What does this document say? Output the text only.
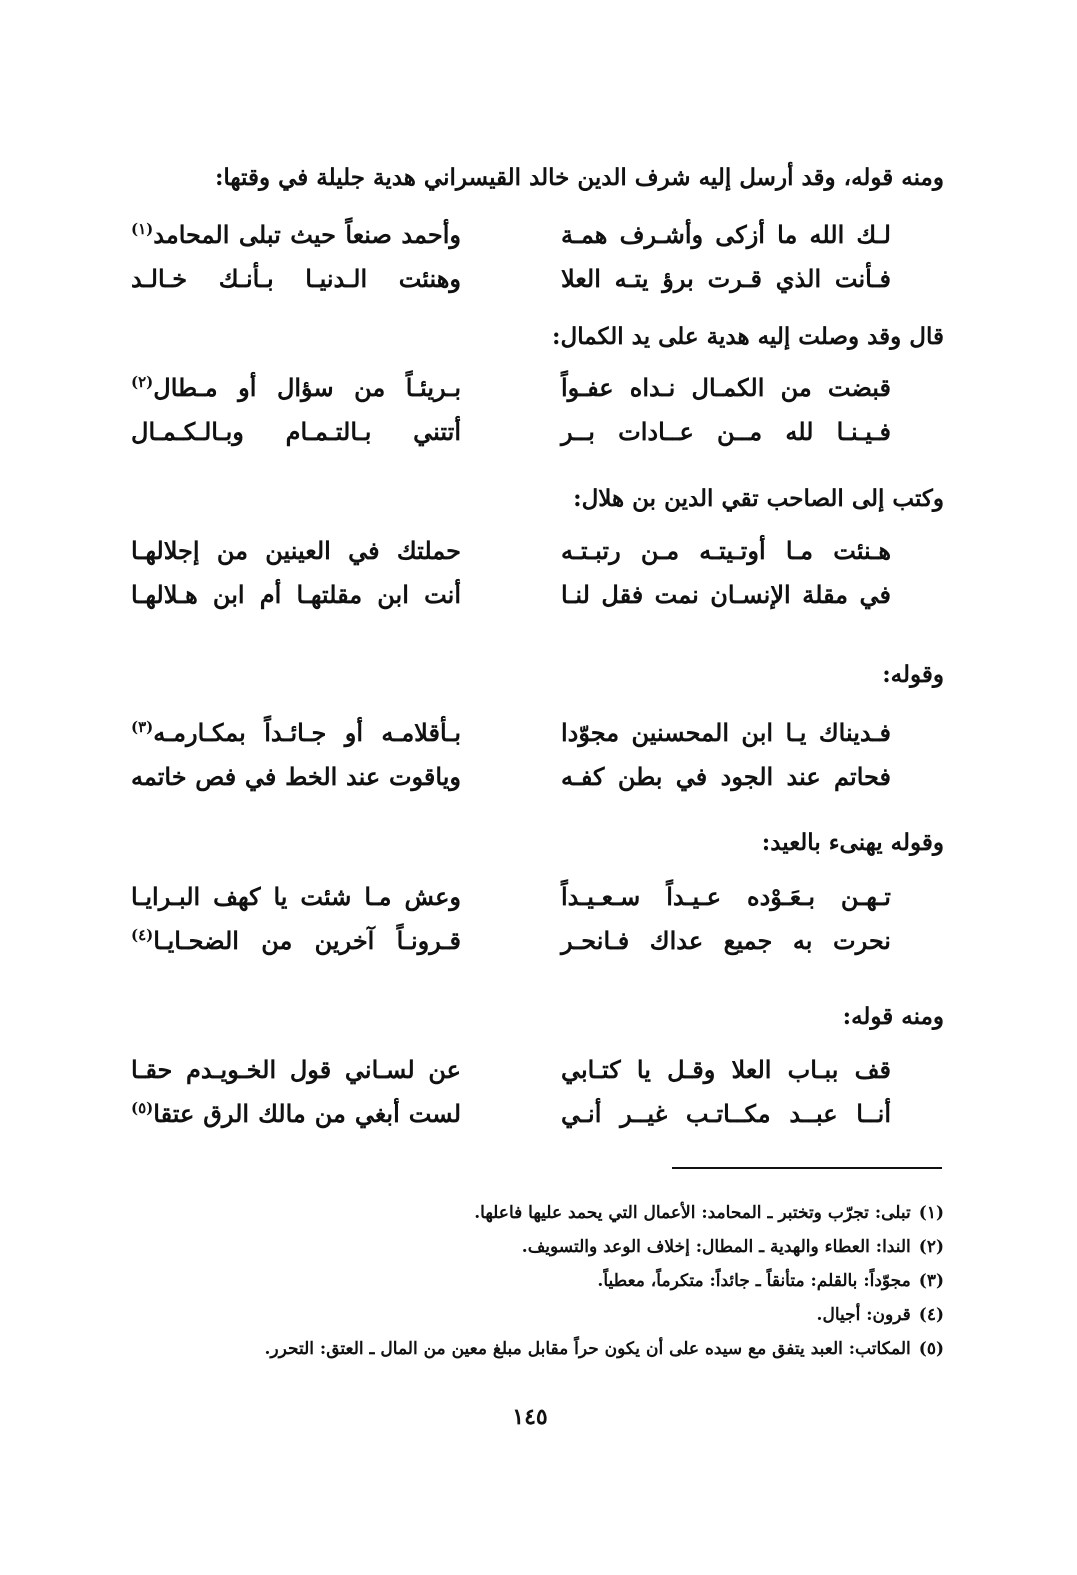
ومنه قوله، وقد أرسل إليه شرف الدين خالد القيسراني هدية جليلة في وقتها:
لـك الله ما أزكى وأشـرف همـة
وأحمد صنعاً حيث تبلى المحامد$^{(١)}$
فـأنت الذي قـرت برؤ يتـه العلا
وهنئت الـدنيـا بـأنـك خـالـد
قال وقد وصلت إليه هدية على يد الكمال:
قبضت من الكمـال نـداه عفـواً
بـريئـاً من سؤال أو مـطال$^{(٢)}$
فـيـنـا لله مــن عــادات بــر
أتتني بـالتـمـام وبـالـكـمـال
وكتب إلى الصاحب تقي الدين بن هلال:
هـنئت مـا أوتـيتـه مـن رتبـتـه
حملتك في العينين من إجلالهـا
في مقلة الإنسـان نمت فقل لنـا
أنت ابن مقلتهـا أم ابن هـلالهـا
وقوله:
فـديناك يـا ابن المحسنين مجوّدا
بـأقلامـه أو جـائـداً بمكـارمـه$^{(٣)}$
فحاتم عند الجود في بطن كفـه
وياقوت عند الخط في فص خاتمه
وقوله يهنىء بالعيد:
تـهـن بـعَـوْده عـيـداً سـعـيـداً
وعش مـا شئت يا كهف البـرايـا
نحرت به جميع عداك فـانحـر
قـرونـاً آخرين من الضحـايـا$^{(٤)}$
ومنه قوله:
قف ببـاب العلا وقـل يا كتـابي
عن لسـاني قول الخـويـدم حقـا
أنــا عبــد مكــاتـب غيــر أنـي
لست أبغي من مالك الرق عتقا$^{(٥)}$
(١)تبلى: تجرّب وتختبر ـ المحامد: الأعمال التي يحمد عليها فاعلها.
(٢)الندا: العطاء والهدية ـ المطال: إخلاف الوعد والتسويف.
(٣)مجوّداً: بالقلم: متأنقاً ـ جائداً: متكرماً، معطياً.
(٤)قرون: أجيال.
(٥)المكاتب: العبد يتفق مع سيده على أن يكون حراً مقابل مبلغ معين من المال ـ العتق: التحرر.
١٤٥
